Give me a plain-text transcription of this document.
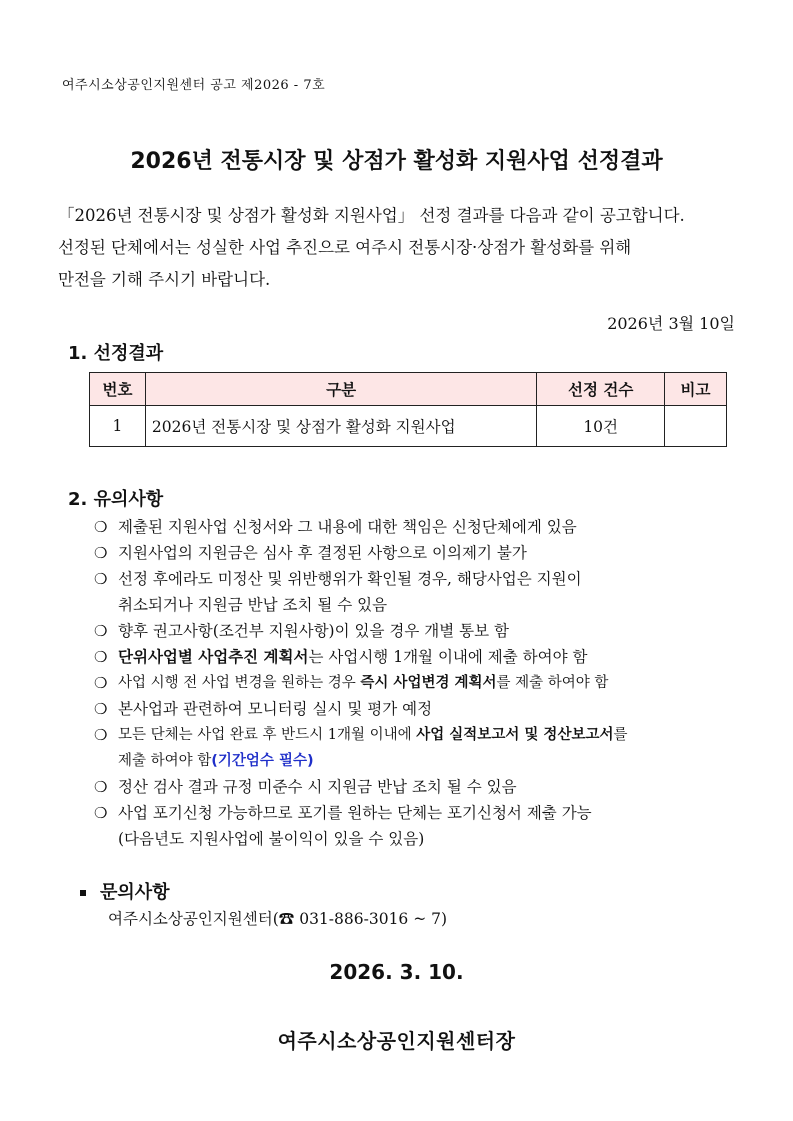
여주시소상공인지원센터 공고 제2026 - 7호
2026년 전통시장 및 상점가 활성화 지원사업 선정결과

「2026년 전통시장 및 상점가 활성화 지원사업」 선정 결과를 다음과 같이 공고합니다.

선정된 단체에서는 성실한 사업 추진으로 여주시 전통시장·상점가 활성화를 위해

만전을 기해 주시기 바랍니다.

2026년 3월 10일
1. 선정결과
번호	구분	선정 건수	비고
1	2026년 전통시장 및 상점가 활성화 지원사업	10건	
2. 유의사항
❍ 제출된 지원사업 신청서와 그 내용에 대한 책임은 신청단체에게 있음
❍ 지원사업의 지원금은 심사 후 결정된 사항으로 이의제기 불가
❍ 선정 후에라도 미정산 및 위반행위가 확인될 경우, 해당사업은 지원이
취소되거나 지원금 반납 조치 될 수 있음
❍ 향후 권고사항(조건부 지원사항)이 있을 경우 개별 통보 함
❍ 단위사업별 사업추진 계획서는 사업시행 1개월 이내에 제출 하여야 함
❍ 사업 시행 전 사업 변경을 원하는 경우 즉시 사업변경 계획서를 제출 하여야 함
❍ 본사업과 관련하여 모니터링 실시 및 평가 예정
❍ 모든 단체는 사업 완료 후 반드시 1개월 이내에 사업 실적보고서 및 정산보고서를
제출 하여야 함(기간엄수 필수)
❍ 정산 검사 결과 규정 미준수 시 지원금 반납 조치 될 수 있음
❍ 사업 포기신청 가능하므로 포기를 원하는 단체는 포기신청서 제출 가능
(다음년도 지원사업에 불이익이 있을 수 있음)
문의사항
여주시소상공인지원센터(☎ 031-886-3016 ~ 7)
2026. 3. 10.
여주시소상공인지원센터장
